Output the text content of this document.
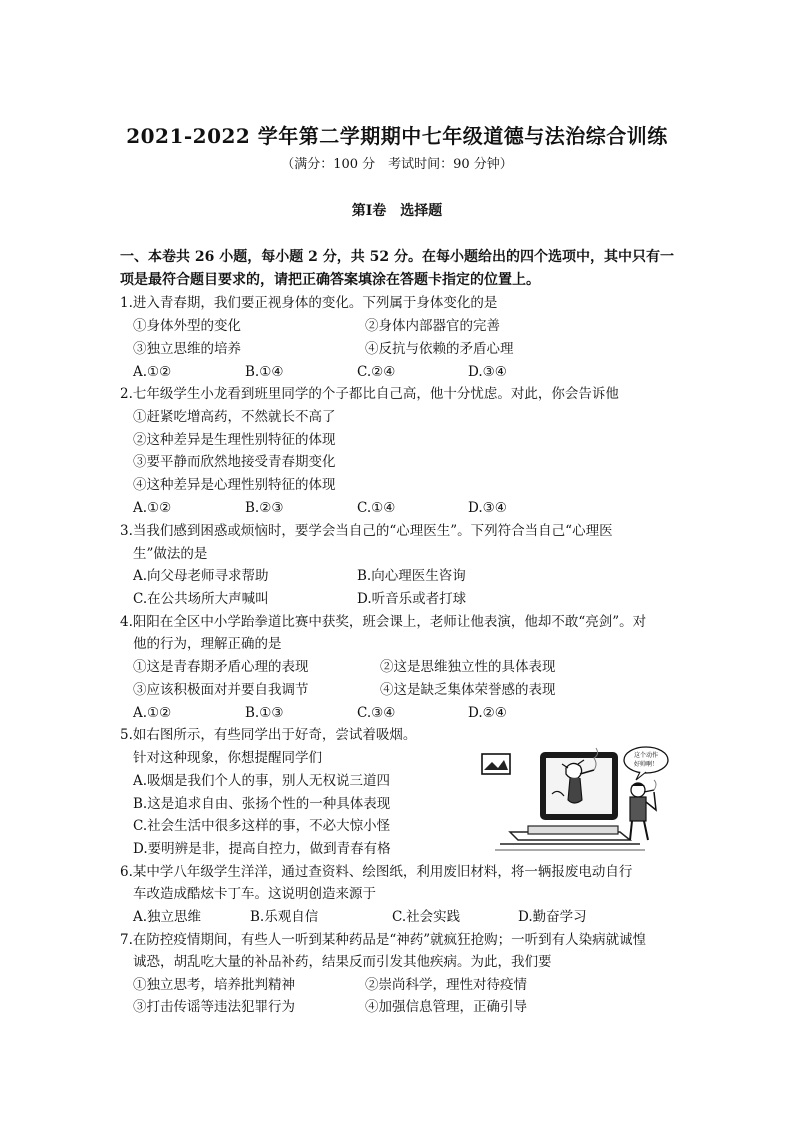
2021-2022 学年第二学期期中七年级道德与法治综合训练
（满分：100 分　考试时间：90 分钟）
第Ⅰ卷　选择题
一、本卷共 26 小题，每小题 2 分，共 52 分。在每小题给出的四个选项中，其中只有一项是最符合题目要求的，请把正确答案填涂在答题卡指定的位置上。
1.进入青春期，我们要正视身体的变化。下列属于身体变化的是
①身体外型的变化	②身体内部器官的完善
③独立思维的培养	④反抗与依赖的矛盾心理
A.①②	B.①④	C.②④	D.③④
2.七年级学生小龙看到班里同学的个子都比自己高，他十分忧虑。对此，你会告诉他
①赶紧吃增高药，不然就长不高了
②这种差异是生理性别特征的体现
③要平静而欣然地接受青春期变化
④这种差异是心理性别特征的体现
A.①②	B.②③	C.①④	D.③④
3.当我们感到困惑或烦恼时，要学会当自己的“心理医生”。下列符合当自己“心理医
生”做法的是
A.向父母老师寻求帮助	B.向心理医生咨询
C.在公共场所大声喊叫	D.听音乐或者打球
4.阳阳在全区中小学跆拳道比赛中获奖，班会课上，老师让他表演，他却不敢“亮剑”。对
他的行为，理解正确的是
①这是青春期矛盾心理的表现	②这是思维独立性的具体表现
③应该积极面对并要自我调节	④这是缺乏集体荣誉感的表现
A.①②	B.①③	C.③④	D.②④
5.如右图所示，有些同学出于好奇，尝试着吸烟。
针对这种现象，你想提醒同学们
A.吸烟是我们个人的事，别人无权说三道四
B.这是追求自由、张扬个性的一种具体表现
C.社会生活中很多这样的事，不必大惊小怪
D.要明辨是非，提高自控力，做到青春有格
这个动作
好帅啊！
6.某中学八年级学生洋洋，通过查资料、绘图纸，利用废旧材料，将一辆报废电动自行
车改造成酷炫卡丁车。这说明创造来源于
A.独立思维	B.乐观自信	C.社会实践	D.勤奋学习
7.在防控疫情期间，有些人一听到某种药品是“神药”就疯狂抢购；一听到有人染病就诚惶
诚恐，胡乱吃大量的补品补药，结果反而引发其他疾病。为此，我们要
①独立思考，培养批判精神	②崇尚科学，理性对待疫情
③打击传谣等违法犯罪行为	④加强信息管理，正确引导
